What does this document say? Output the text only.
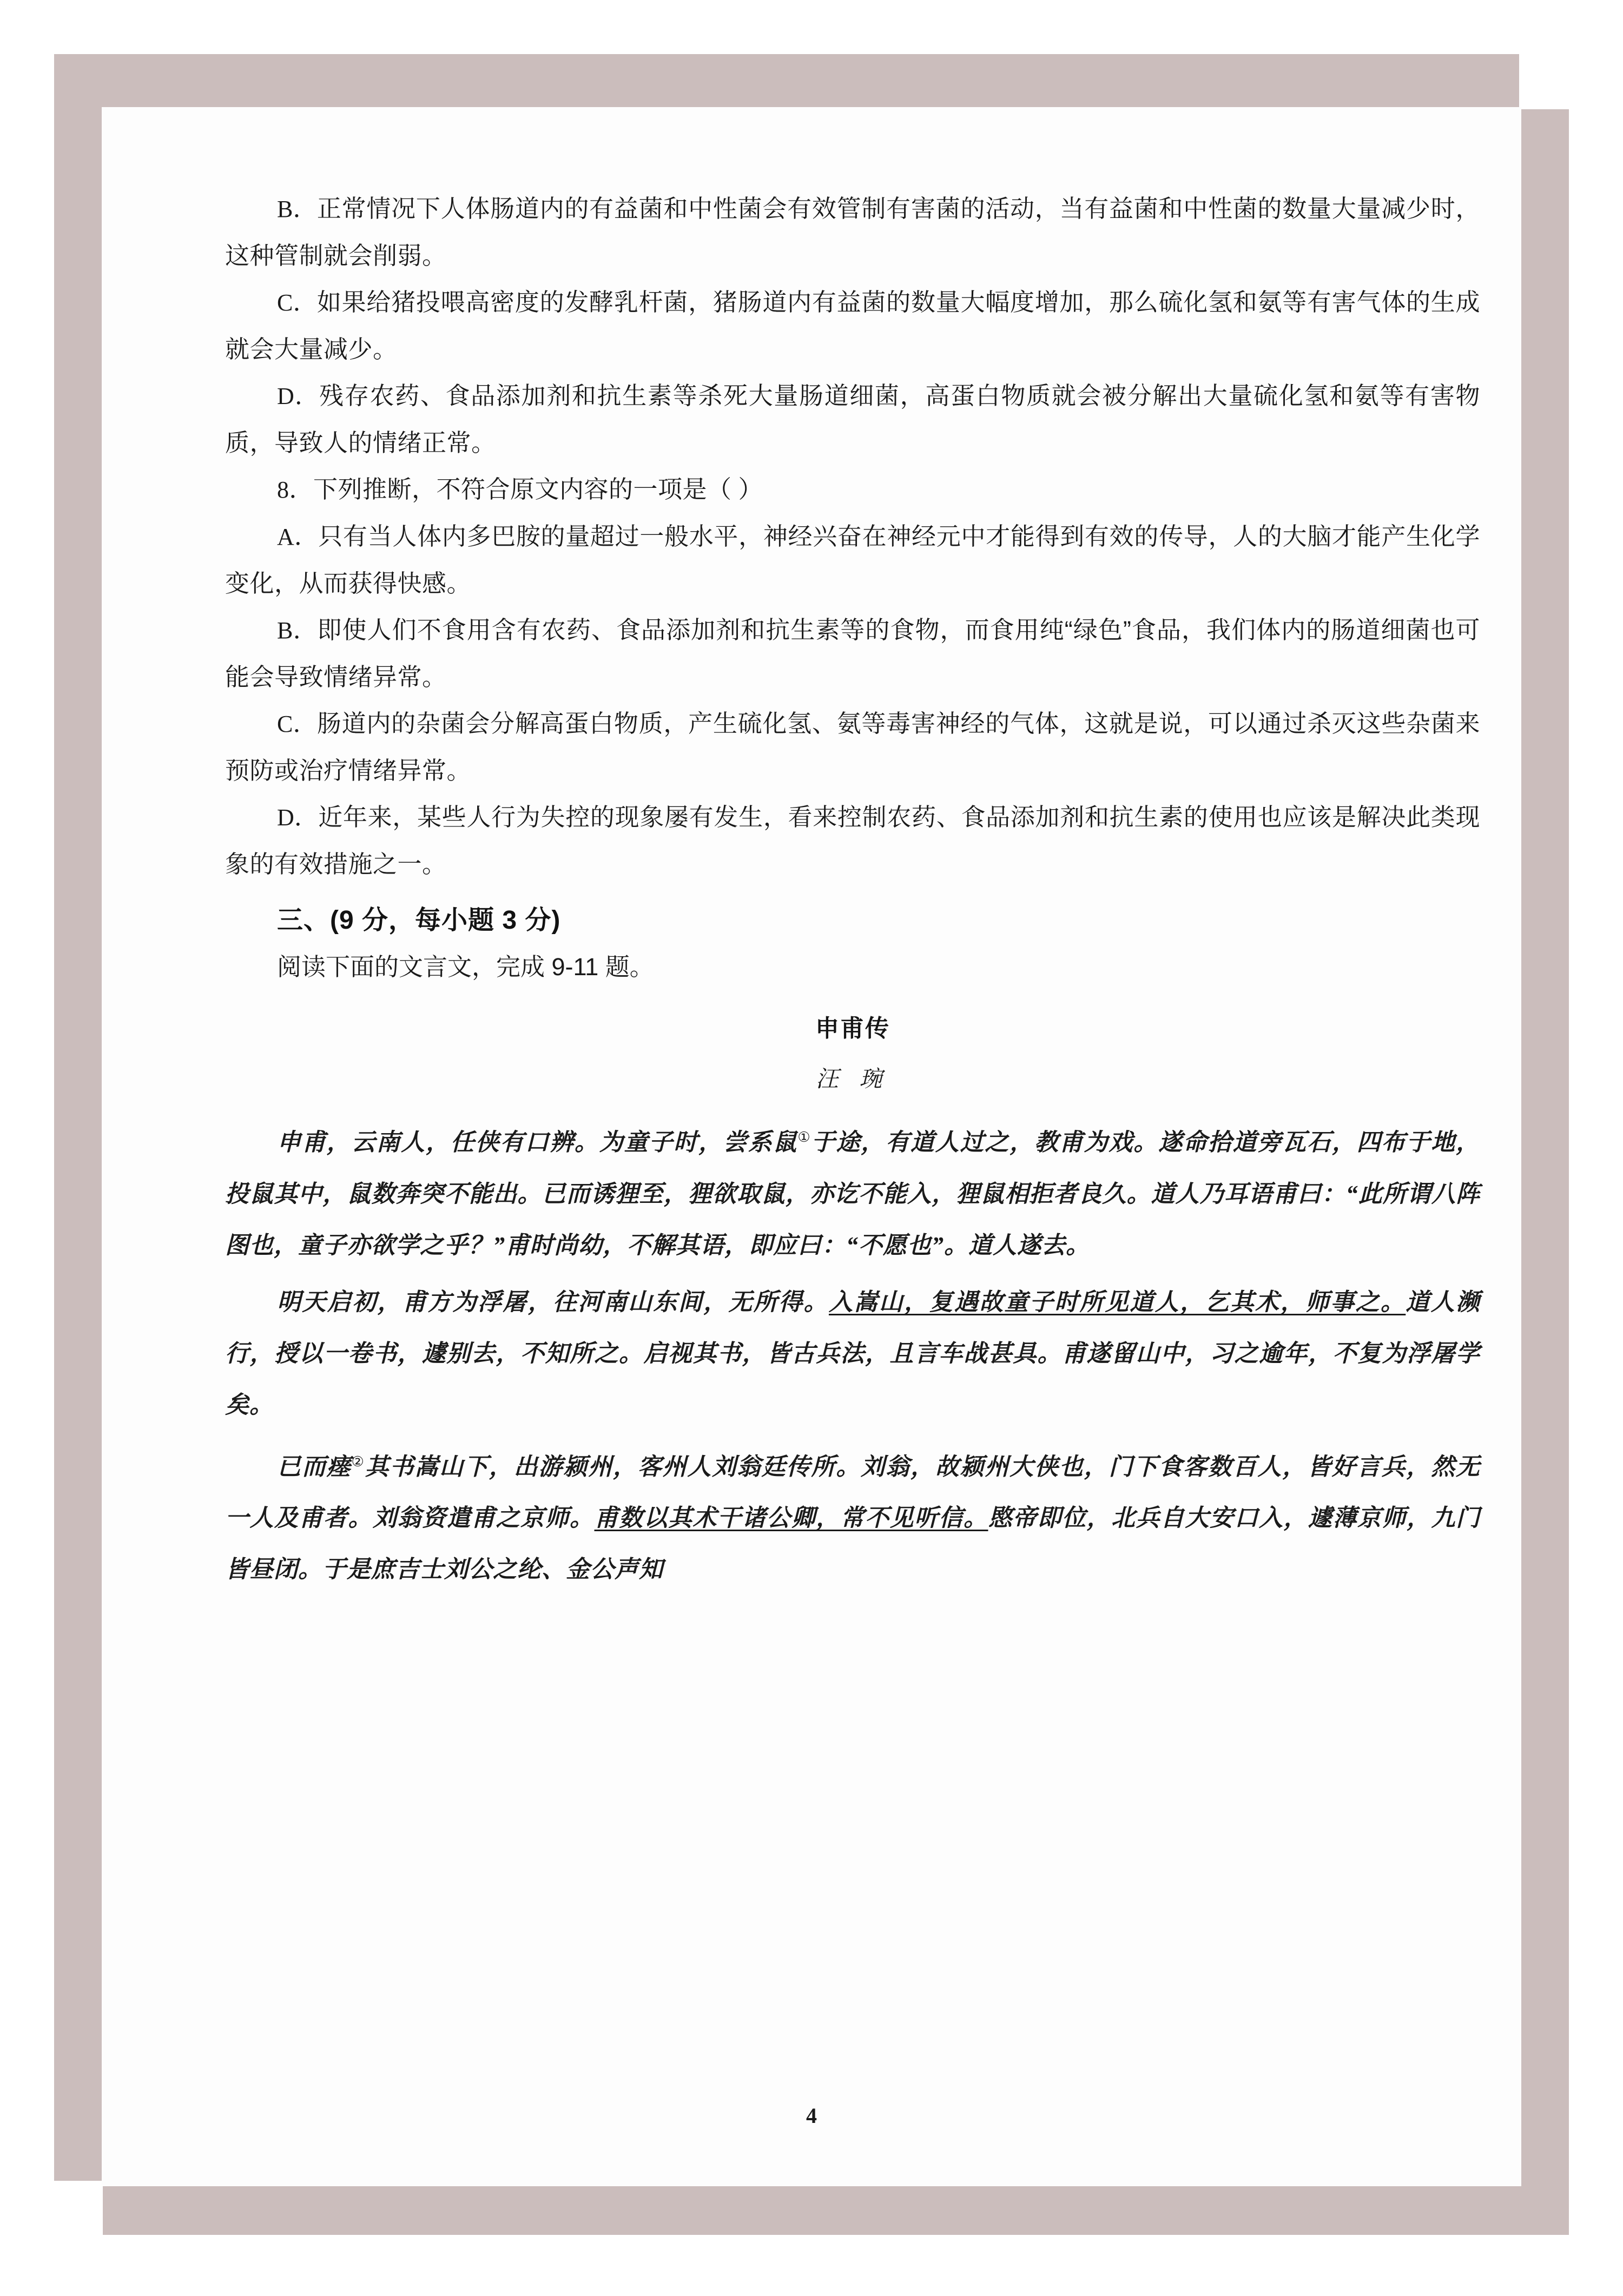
B．正常情况下人体肠道内的有益菌和中性菌会有效管制有害菌的活动，当有益菌和中性菌的数量大量减少时，这种管制就会削弱。

C．如果给猪投喂高密度的发酵乳杆菌，猪肠道内有益菌的数量大幅度增加，那么硫化氢和氨等有害气体的生成就会大量减少。

D．残存农药、食品添加剂和抗生素等杀死大量肠道细菌，高蛋白物质就会被分解出大量硫化氢和氨等有害物质，导致人的情绪正常。

8．下列推断，不符合原文内容的一项是（ ）

A．只有当人体内多巴胺的量超过一般水平，神经兴奋在神经元中才能得到有效的传导，人的大脑才能产生化学变化，从而获得快感。

B．即使人们不食用含有农药、食品添加剂和抗生素等的食物，而食用纯“绿色”食品，我们体内的肠道细菌也可能会导致情绪异常。

C．肠道内的杂菌会分解高蛋白物质，产生硫化氢、氨等毒害神经的气体，这就是说，可以通过杀灭这些杂菌来预防或治疗情绪异常。

D．近年来，某些人行为失控的现象屡有发生，看来控制农药、食品添加剂和抗生素的使用也应该是解决此类现象的有效措施之一。

三、(9 分，每小题 3 分)

阅读下面的文言文，完成 9-11 题。

申甫传

汪 琬

申甫，云南人，任侠有口辨。为童子时，尝系鼠①于途，有道人过之，教甫为戏。遂命拾道旁瓦石，四布于地，投鼠其中，鼠数奔突不能出。已而诱狸至，狸欲取鼠，亦讫不能入，狸鼠相拒者良久。道人乃耳语甫曰：“此所谓八阵图也，童子亦欲学之乎？”甫时尚幼，不解其语，即应曰：“不愿也”。道人遂去。

明天启初，甫方为浮屠，往河南山东间，无所得。入嵩山，复遇故童子时所见道人，乞其术，师事之。道人濒行，授以一卷书，遽别去，不知所之。启视其书，皆古兵法，且言车战甚具。甫遂留山中，习之逾年，不复为浮屠学矣。

已而瘗②其书嵩山下，出游颍州，客州人刘翁廷传所。刘翁，故颍州大侠也，门下食客数百人，皆好言兵，然无一人及甫者。刘翁资遣甫之京师。甫数以其术干诸公卿，常不见听信。愍帝即位，北兵自大安口入，遽薄京师，九门皆昼闭。于是庶吉士刘公之纶、金公声知

4
